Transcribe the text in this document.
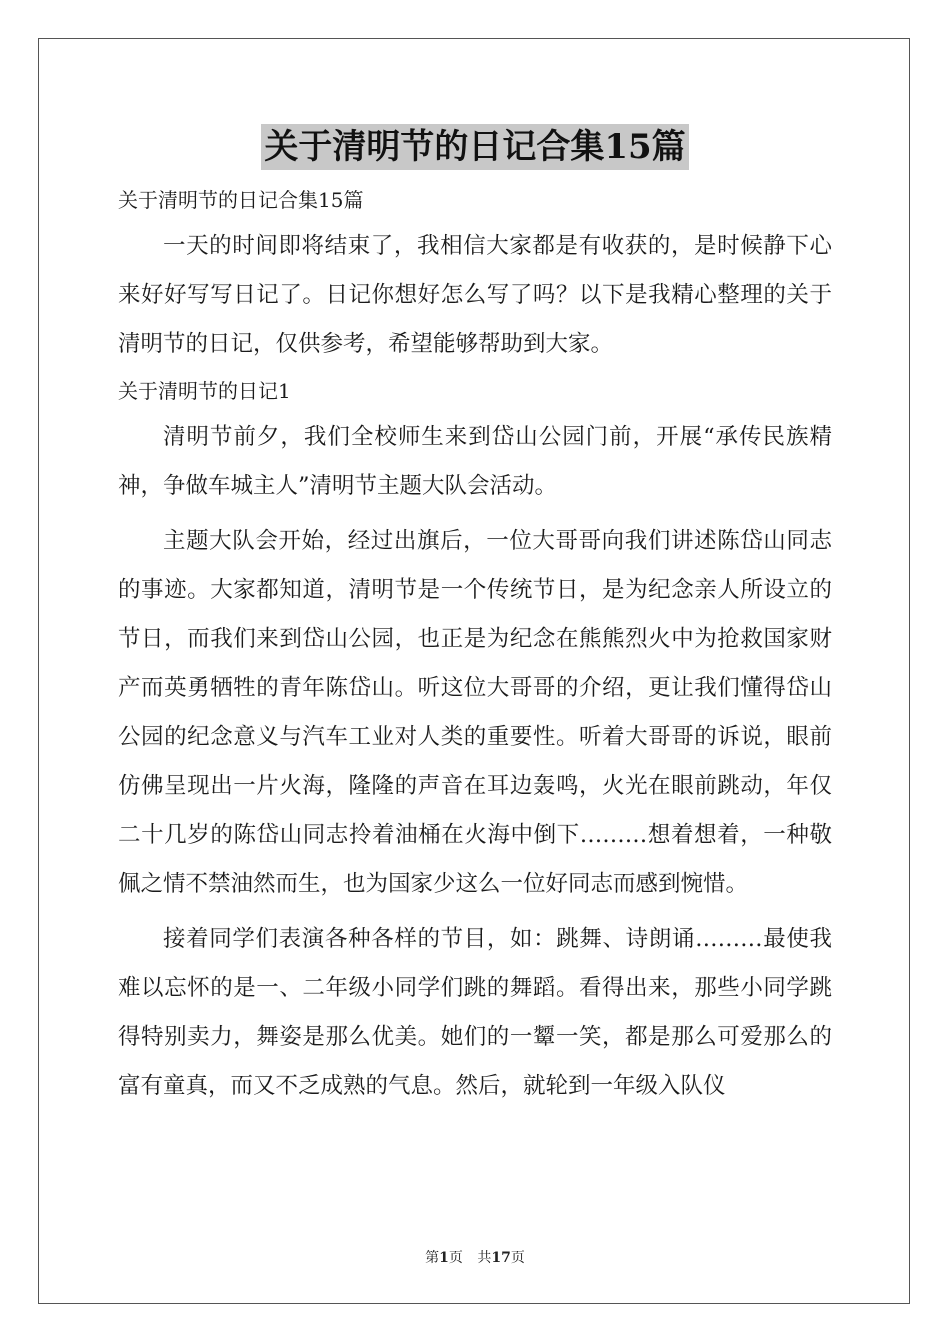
关于清明节的日记合集15篇

关于清明节的日记合集15篇

一天的时间即将结束了，我相信大家都是有收获的，是时候静下心来好好写写日记了。日记你想好怎么写了吗？以下是我精心整理的关于清明节的日记，仅供参考，希望能够帮助到大家。

关于清明节的日记1

清明节前夕，我们全校师生来到岱山公园门前，开展“承传民族精神，争做车城主人”清明节主题大队会活动。

主题大队会开始，经过出旗后，一位大哥哥向我们讲述陈岱山同志的事迹。大家都知道，清明节是一个传统节日，是为纪念亲人所设立的节日，而我们来到岱山公园，也正是为纪念在熊熊烈火中为抢救国家财产而英勇牺牲的青年陈岱山。听这位大哥哥的介绍，更让我们懂得岱山公园的纪念意义与汽车工业对人类的重要性。听着大哥哥的诉说，眼前仿佛呈现出一片火海，隆隆的声音在耳边轰鸣，火光在眼前跳动，年仅二十几岁的陈岱山同志拎着油桶在火海中倒下………想着想着，一种敬佩之情不禁油然而生，也为国家少这么一位好同志而感到惋惜。

接着同学们表演各种各样的节目，如：跳舞、诗朗诵………最使我难以忘怀的是一、二年级小同学们跳的舞蹈。看得出来，那些小同学跳得特别卖力，舞姿是那么优美。她们的一颦一笑，都是那么可爱那么的富有童真，而又不乏成熟的气息。然后，就轮到一年级入队仪

第1页 共17页
